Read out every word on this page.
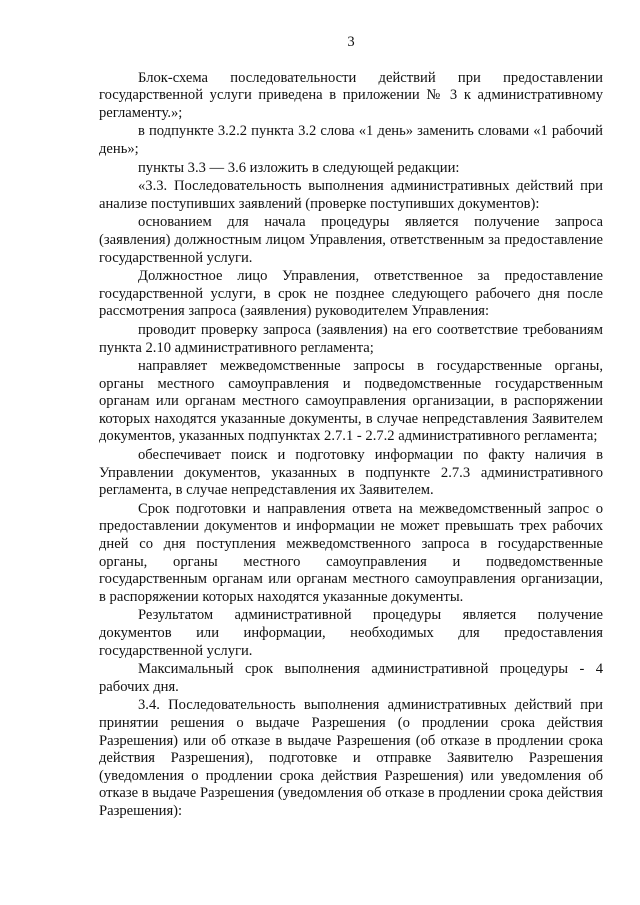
3

Блок-схема последовательности действий при предоставлении государственной услуги приведена в приложении № 3 к административному регламенту.»;

в подпункте 3.2.2 пункта 3.2 слова «1 день» заменить словами «1 рабочий день»;

пункты 3.3 — 3.6 изложить в следующей редакции:

«3.3. Последовательность выполнения административных действий при анализе поступивших заявлений (проверке поступивших документов):

основанием для начала процедуры является получение запроса (заявления) должностным лицом Управления, ответственным за предоставление государственной услуги.

Должностное лицо Управления, ответственное за предоставление государственной услуги, в срок не позднее следующего рабочего дня после рассмотрения запроса (заявления) руководителем Управления:

проводит проверку запроса (заявления) на его соответствие требованиям пункта 2.10 административного регламента;

направляет межведомственные запросы в государственные органы, органы местного самоуправления и подведомственные государственным органам или органам местного самоуправления организации, в распоряжении которых находятся указанные документы, в случае непредставления Заявителем документов, указанных подпунктах 2.7.1 - 2.7.2 административного регламента;

обеспечивает поиск и подготовку информации по факту наличия в Управлении документов, указанных в подпункте 2.7.3 административного регламента, в случае непредставления их Заявителем.

Срок подготовки и направления ответа на межведомственный запрос о предоставлении документов и информации не может превышать трех рабочих дней со дня поступления межведомственного запроса в государственные органы, органы местного самоуправления и подведомственные государственным органам или органам местного самоуправления организации, в распоряжении которых находятся указанные документы.

Результатом административной процедуры является получение документов или информации, необходимых для предоставления государственной услуги.

Максимальный срок выполнения административной процедуры - 4 рабочих дня.

3.4. Последовательность выполнения административных действий при принятии решения о выдаче Разрешения (о продлении срока действия Разрешения) или об отказе в выдаче Разрешения (об отказе в продлении срока действия Разрешения), подготовке и отправке Заявителю Разрешения (уведомления о продлении срока действия Разрешения) или уведомления об отказе в выдаче Разрешения (уведомления об отказе в продлении срока действия Разрешения):
